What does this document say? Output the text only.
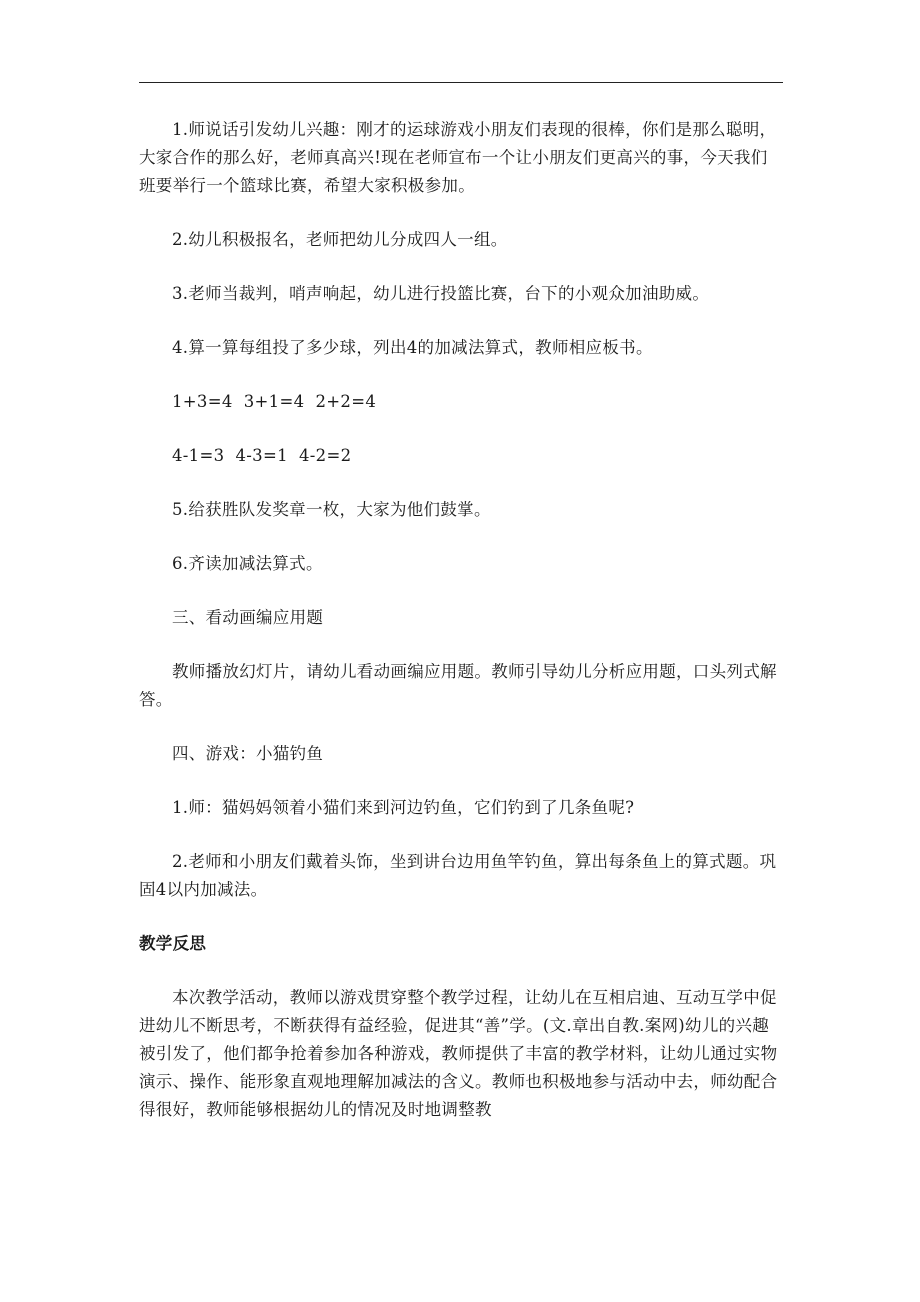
1.师说话引发幼儿兴趣：刚才的运球游戏小朋友们表现的很棒，你们是那么聪明，大家合作的那么好，老师真高兴!现在老师宣布一个让小朋友们更高兴的事，今天我们班要举行一个篮球比赛，希望大家积极参加。

2.幼儿积极报名，老师把幼儿分成四人一组。

3.老师当裁判，哨声响起，幼儿进行投篮比赛，台下的小观众加油助威。

4.算一算每组投了多少球，列出4的加减法算式，教师相应板书。

1+3=4  3+1=4  2+2=4

4-1=3  4-3=1  4-2=2

5.给获胜队发奖章一枚，大家为他们鼓掌。

6.齐读加减法算式。

三、看动画编应用题

教师播放幻灯片，请幼儿看动画编应用题。教师引导幼儿分析应用题，口头列式解答。

四、游戏：小猫钓鱼

1.师：猫妈妈领着小猫们来到河边钓鱼，它们钓到了几条鱼呢?

2.老师和小朋友们戴着头饰，坐到讲台边用鱼竿钓鱼，算出每条鱼上的算式题。巩固4以内加减法。

教学反思

本次教学活动，教师以游戏贯穿整个教学过程，让幼儿在互相启迪、互动互学中促进幼儿不断思考，不断获得有益经验，促进其“善”学。(文.章出自教.案网)幼儿的兴趣被引发了，他们都争抢着参加各种游戏，教师提供了丰富的教学材料，让幼儿通过实物演示、操作、能形象直观地理解加减法的含义。教师也积极地参与活动中去，师幼配合得很好，教师能够根据幼儿的情况及时地调整教
